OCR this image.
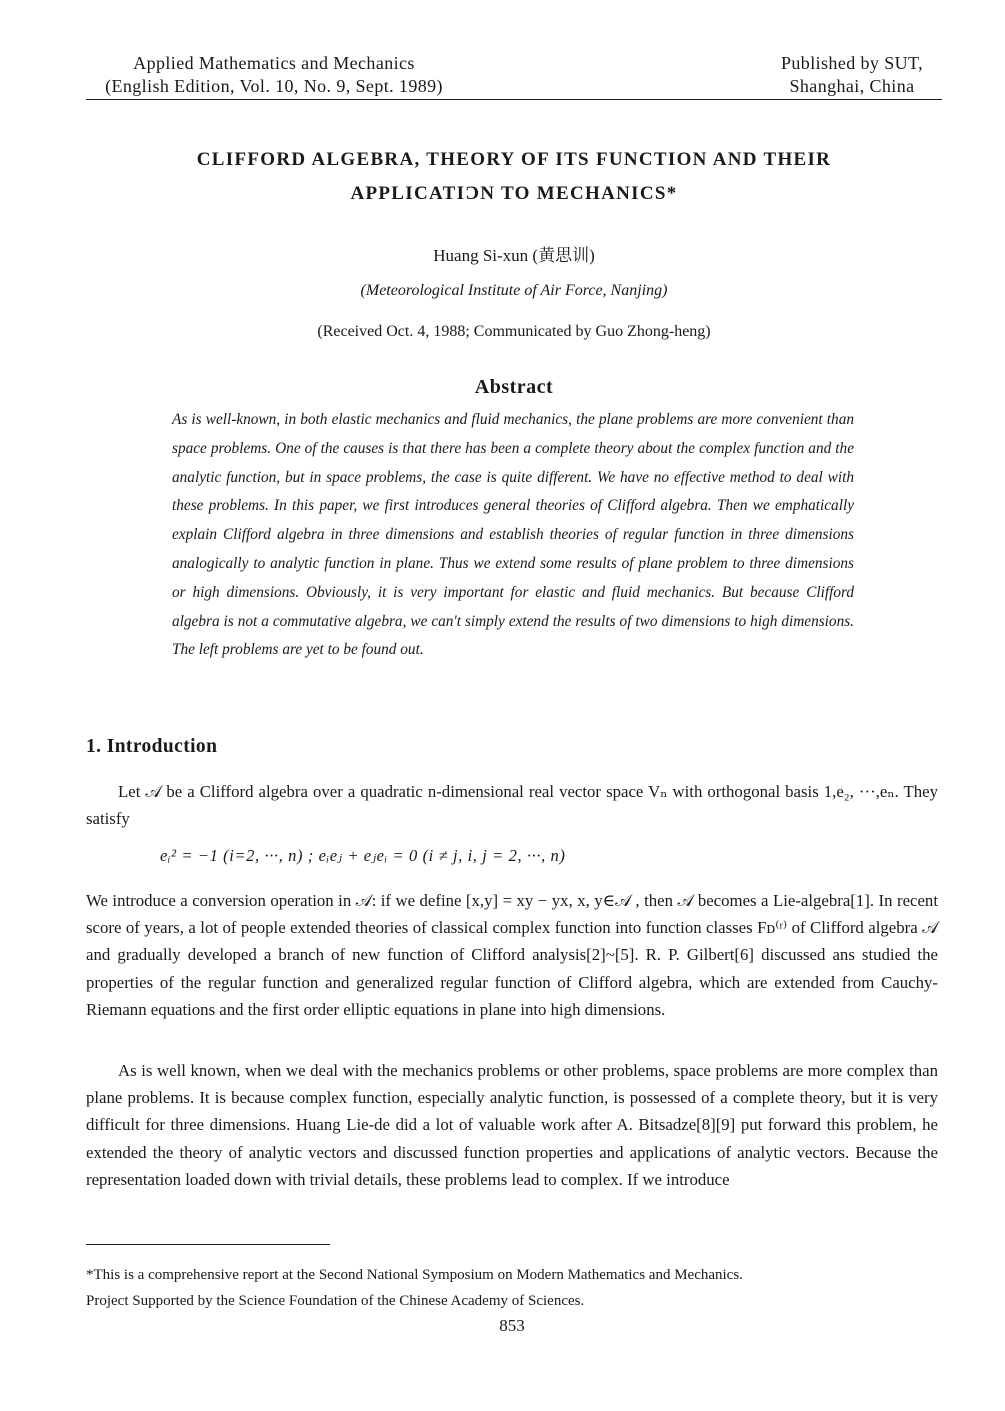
Applied Mathematics and Mechanics
(English Edition, Vol. 10, No. 9, Sept. 1989)
Published by SUT,
Shanghai, China
CLIFFORD ALGEBRA, THEORY OF ITS FUNCTION AND THEIR
APPLICATIƆN TO MECHANICS*
Huang Si-xun (黄思训)
(Meteorological Institute of Air Force, Nanjing)
(Received Oct. 4, 1988; Communicated by Guo Zhong-heng)
Abstract
As is well-known, in both elastic mechanics and fluid mechanics, the plane problems are more convenient than space problems. One of the causes is that there has been a complete theory about the complex function and the analytic function, but in space problems, the case is quite different. We have no effective method to deal with these problems. In this paper, we first introduces general theories of Clifford algebra. Then we emphatically explain Clifford algebra in three dimensions and establish theories of regular function in three dimensions analogically to analytic function in plane. Thus we extend some results of plane problem to three dimensions or high dimensions. Obviously, it is very important for elastic and fluid mechanics. But because Clifford algebra is not a commutative algebra, we can't simply extend the results of two dimensions to high dimensions. The left problems are yet to be found out.
1. Introduction
Let 𝒜 be a Clifford algebra over a quadratic n-dimensional real vector space Vₙ with orthogonal basis 1,e₂, ···,eₙ. They satisfy
eᵢ² = −1 (i=2, ···, n) ; eᵢeⱼ + eⱼeᵢ = 0 (i ≠ j, i, j = 2, ···, n)
We introduce a conversion operation in 𝒜: if we define [x,y] = xy − yx, x, y∈𝒜 , then 𝒜 becomes a Lie-algebra[1]. In recent score of years, a lot of people extended theories of classical complex function into function classes Fᴅ⁽ʳ⁾ of Clifford algebra 𝒜 and gradually developed a branch of new function of Clifford analysis[2]~[5]. R. P. Gilbert[6] discussed ans studied the properties of the regular function and generalized regular function of Clifford algebra, which are extended from Cauchy-Riemann equations and the first order elliptic equations in plane into high dimensions.
As is well known, when we deal with the mechanics problems or other problems, space problems are more complex than plane problems. It is because complex function, especially analytic function, is possessed of a complete theory, but it is very difficult for three dimensions. Huang Lie-de did a lot of valuable work after A. Bitsadze[8][9] put forward this problem, he extended the theory of analytic vectors and discussed function properties and applications of analytic vectors. Because the representation loaded down with trivial details, these problems lead to complex. If we introduce
*This is a comprehensive report at the Second National Symposium on Modern Mathematics and Mechanics.
Project Supported by the Science Foundation of the Chinese Academy of Sciences.
853
